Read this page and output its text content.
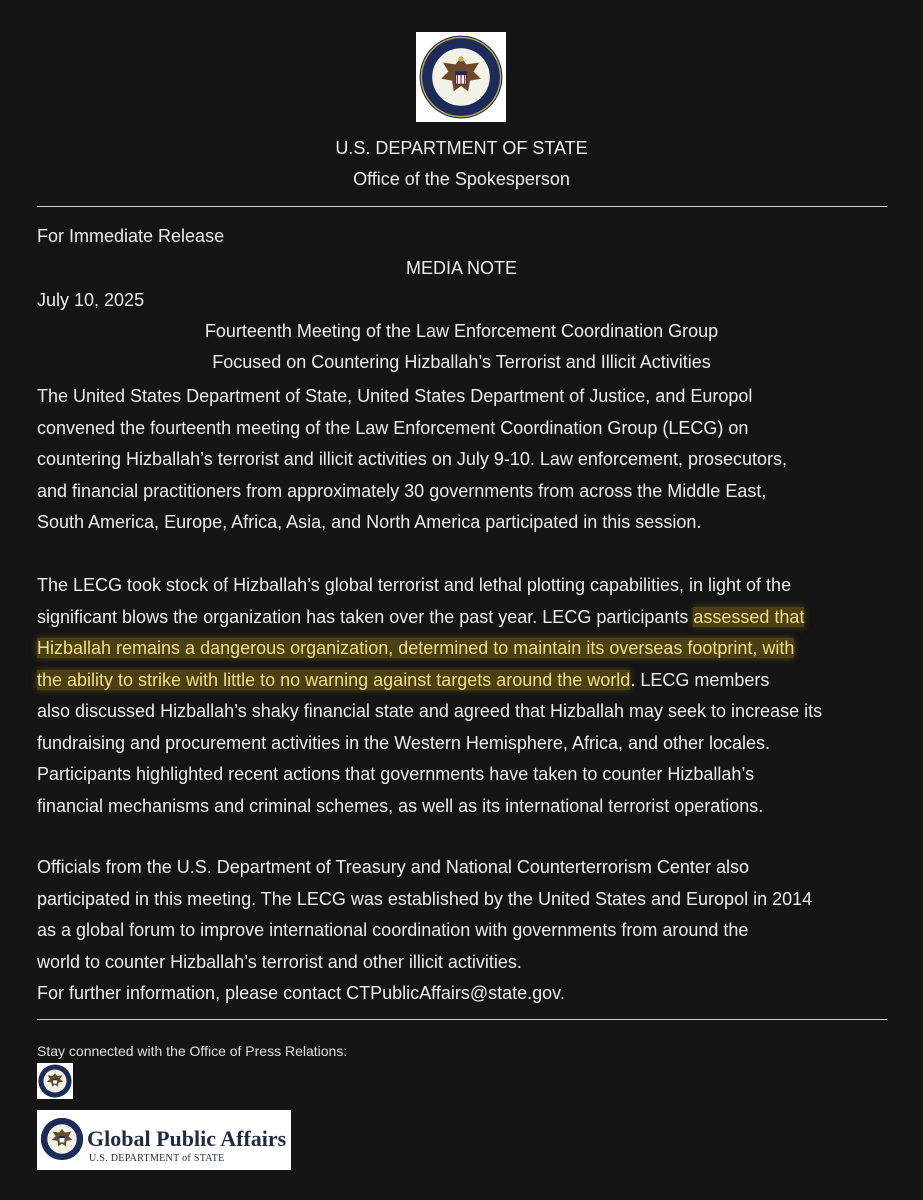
U.S. DEPARTMENT OF STATE
Office of the Spokesperson
For Immediate Release
MEDIA NOTE
July 10, 2025
Fourteenth Meeting of the Law Enforcement Coordination Group
Focused on Countering Hizballah’s Terrorist and Illicit Activities

The United States Department of State, United States Department of Justice, and Europol
convened the fourteenth meeting of the Law Enforcement Coordination Group (LECG) on
countering Hizballah’s terrorist and illicit activities on July 9-10. Law enforcement, prosecutors,
and financial practitioners from approximately 30 governments from across the Middle East,
South America, Europe, Africa, Asia, and North America participated in this session.

The LECG took stock of Hizballah’s global terrorist and lethal plotting capabilities, in light of the
significant blows the organization has taken over the past year. LECG participants assessed that
Hizballah remains a dangerous organization, determined to maintain its overseas footprint, with
the ability to strike with little to no warning against targets around the world. LECG members
also discussed Hizballah’s shaky financial state and agreed that Hizballah may seek to increase its
fundraising and procurement activities in the Western Hemisphere, Africa, and other locales.
Participants highlighted recent actions that governments have taken to counter Hizballah’s
financial mechanisms and criminal schemes, as well as its international terrorist operations.

Officials from the U.S. Department of Treasury and National Counterterrorism Center also
participated in this meeting. The LECG was established by the United States and Europol in 2014
as a global forum to improve international coordination with governments from around the
world to counter Hizballah’s terrorist and other illicit activities.
For further information, please contact CTPublicAffairs@state.gov.

Stay connected with the Office of Press Relations:
Global Public Affairs
U.S. DEPARTMENT of STATE
